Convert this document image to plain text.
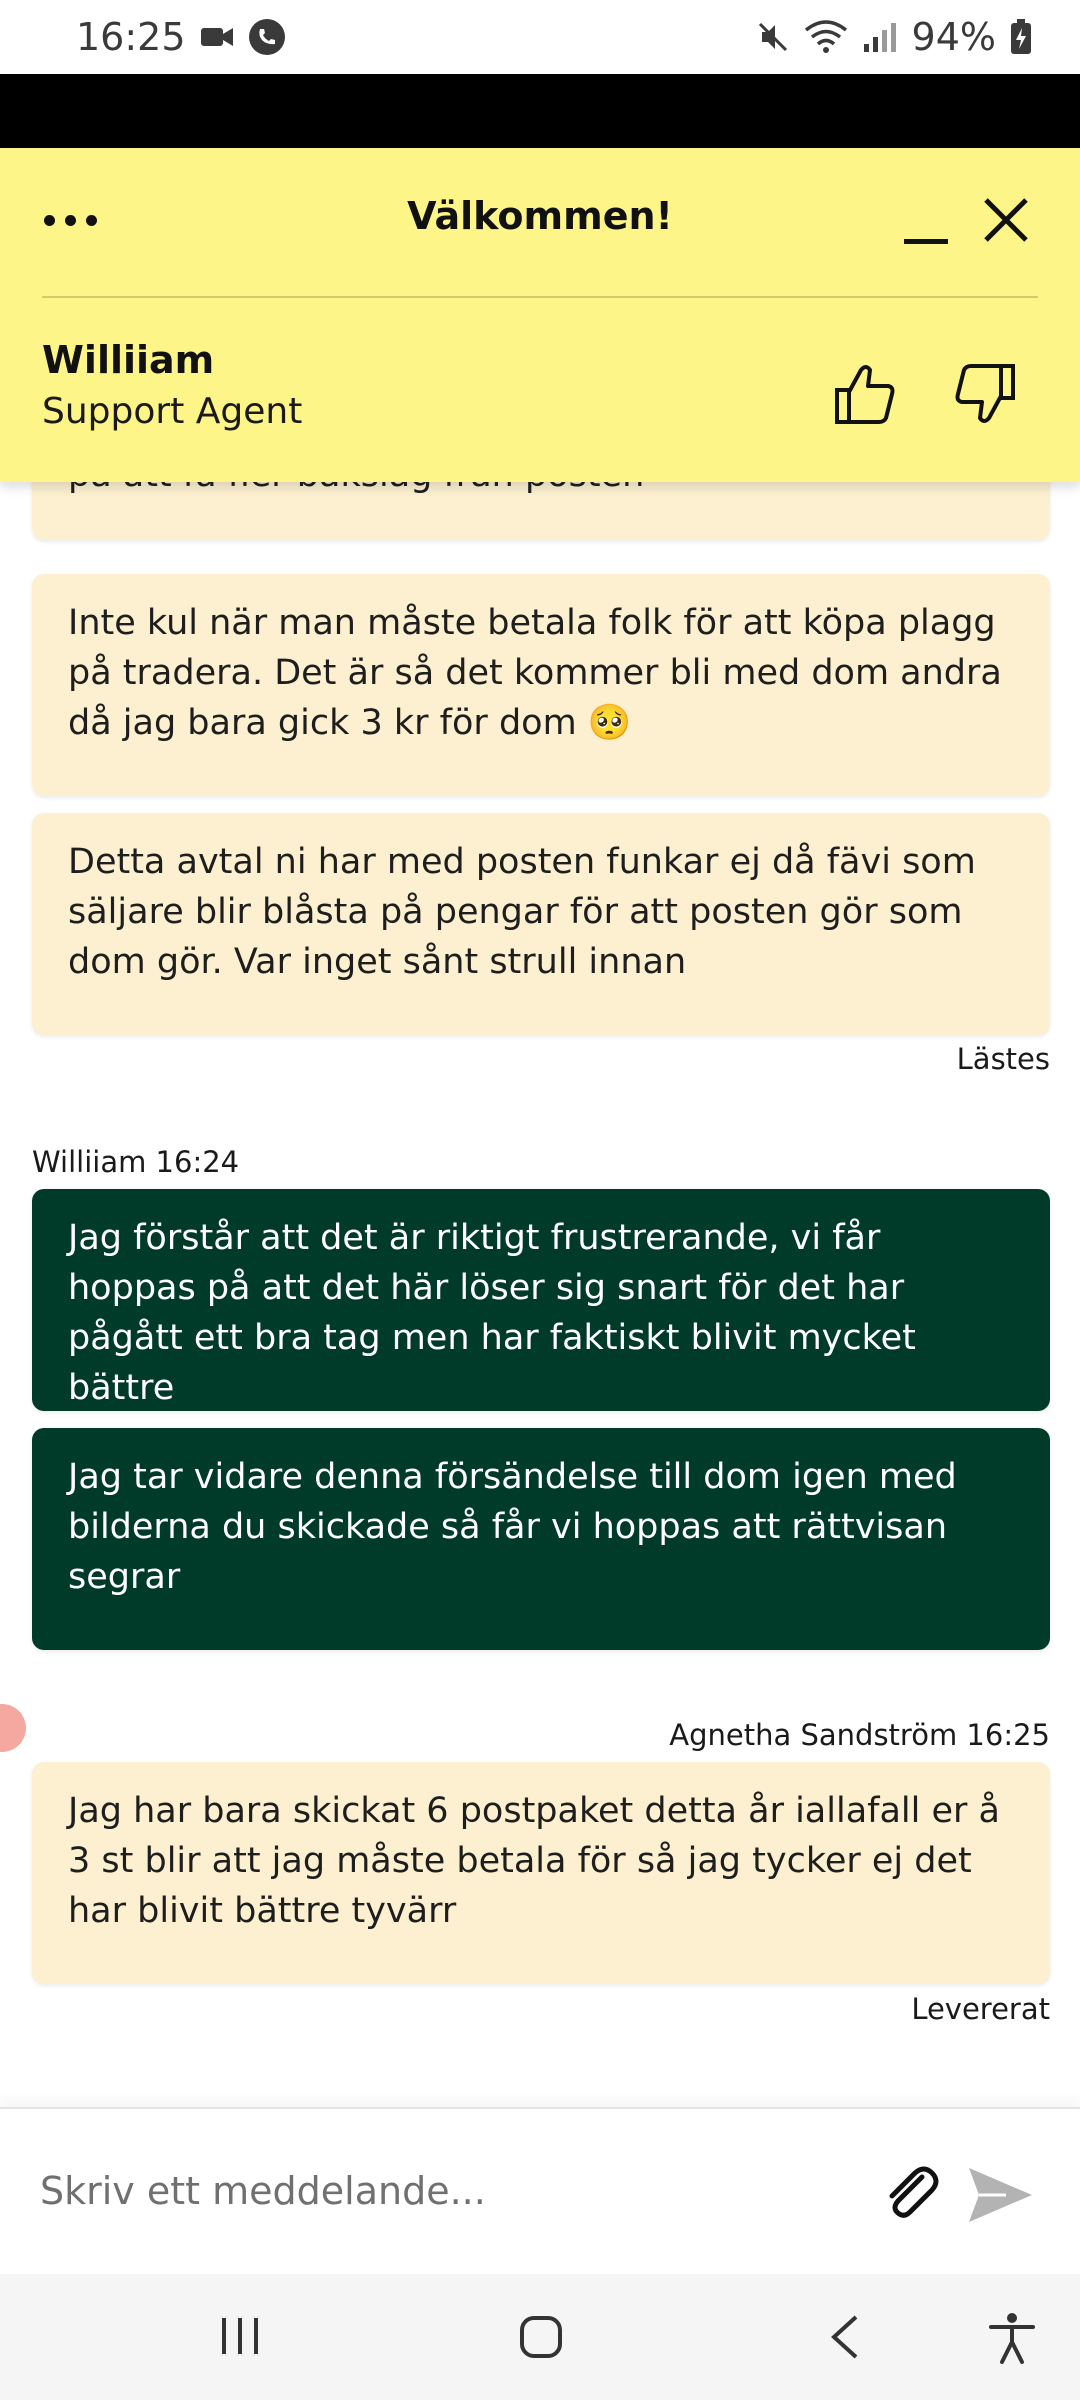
16:25	94%
Välkommen!
Williiam
Support Agent
Inte kul när man måste betala folk för att köpa plagg på tradera. Det är så det kommer bli med dom andra då jag bara gick 3 kr för dom 🥺
Detta avtal ni har med posten funkar ej då fävi som säljare blir blåsta på pengar för att posten gör som dom gör. Var inget sånt strull innan
Lästes
Williiam 16:24
Jag förstår att det är riktigt frustrerande, vi får hoppas på att det här löser sig snart för det har pågått ett bra tag men har faktiskt blivit mycket bättre
Jag tar vidare denna försändelse till dom igen med bilderna du skickade så får vi hoppas att rättvisan segrar
Agnetha Sandström 16:25
Jag har bara skickat 6 postpaket detta år iallafall er å 3 st blir att jag måste betala för så jag tycker ej det har blivit bättre tyvärr
Levererat
Skriv ett meddelande...
